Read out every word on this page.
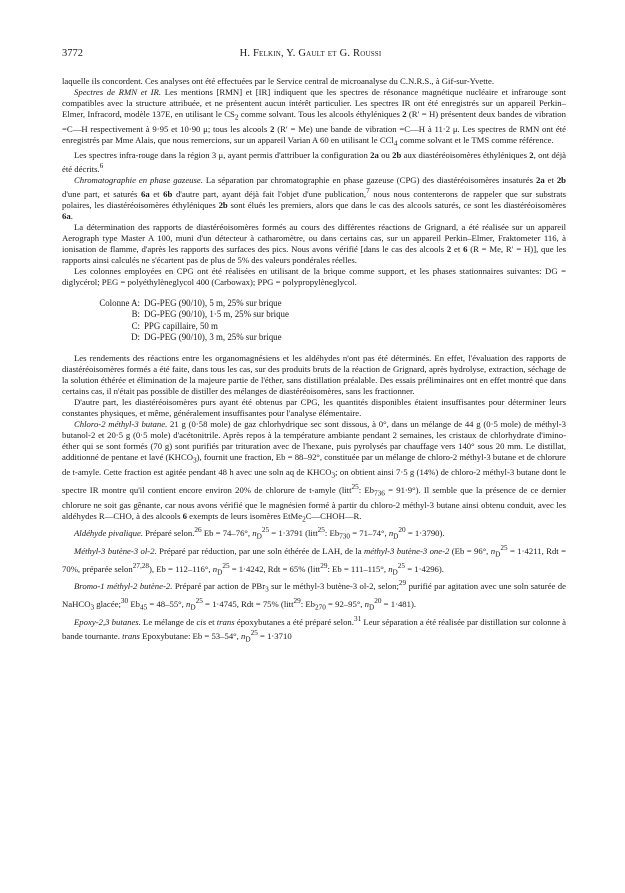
3772	H. Felkin, Y. Gault et G. Roussi

laquelle ils concordent. Ces analyses ont été effectuées par le Service central de microanalyse du C.N.R.S., à Gif-sur-Yvette.

Spectres de RMN et IR. Les mentions [RMN] et [IR] indiquent que les spectres de résonance magnétique nucléaire et infrarouge sont compatibles avec la structure attribuée, et ne présentent aucun intérêt particulier. Les spectres IR ont été enregistrés sur un appareil Perkin–Elmer, Infracord, modèle 137E, en utilisant le $CS_2$ comme solvant. Tous les alcools éthyléniques 2 (R′ = H) présentent deux bandes de vibration =C—H respectivement à 9·95 et 10·90 μ; tous les alcools 2 (R′ = Me) une bande de vibration =C—H à 11·2 μ. Les spectres de RMN ont été enregistrés par Mme Alais, que nous remercions, sur un appareil Varian A 60 en utilisant le CCl$_4$ comme solvant et le TMS comme référence.

Les spectres infra-rouge dans la région 3 μ, ayant permis d'attribuer la configuration 2a ou 2b aux diastéréoisomères éthyléniques 2, ont déjà été décrits.$^6$

Chromatographie en phase gazeuse. La séparation par chromatographie en phase gazeuse (CPG) des diastéréoisomères insaturés 2a et 2b d'une part, et saturés 6a et 6b d'autre part, ayant déjà fait l'objet d'une publication,$^7$ nous nous contenterons de rappeler que sur substrats polaires, les diastéréoisomères éthyléniques 2b sont élués les premiers, alors que dans le cas des alcools saturés, ce sont les diastéréoisomères 6a.

La détermination des rapports de diastéréoisomères formés au cours des différentes réactions de Grignard, a été réalisée sur un appareil Aerograph type Master A 100, muni d'un détecteur à catharomètre, ou dans certains cas, sur un appareil Perkin–Elmer, Fraktometer 116, à ionisation de flamme, d'après les rapports des surfaces des pics. Nous avons vérifié [dans le cas des alcools 2 et 6 (R = Me, R′ = H)], que les rapports ainsi calculés ne s'écartent pas de plus de 5% des valeurs pondérales réelles.

Les colonnes employées en CPG ont été réalisées en utilisant de la brique comme support, et les phases stationnaires suivantes: DG = diglycérol; PEG = polyéthylèneglycol 400 (Carbowax); PPG = polypropylèneglycol.

Colonne A: DG-PEG (90/10), 5 m, 25% sur brique
B: DG-PEG (90/10), 1·5 m, 25% sur brique
C: PPG capillaire, 50 m
D: DG-PEG (90/10), 3 m, 25% sur brique

Les rendements des réactions entre les organomagnésiens et les aldéhydes n'ont pas été déterminés. En effet, l'évaluation des rapports de diastéréoisomères formés a été faite, dans tous les cas, sur des produits bruts de la réaction de Grignard, après hydrolyse, extraction, séchage de la solution éthérée et élimination de la majeure partie de l'éther, sans distillation préalable. Des essais préliminaires ont en effet montré que dans certains cas, il n'était pas possible de distiller des mélanges de diastéréoisomères, sans les fractionner.

D'autre part, les diastéréoisomères purs ayant été obtenus par CPG, les quantités disponibles étaient insuffisantes pour déterminer leurs constantes physiques, et même, généralement insuffisantes pour l'analyse élémentaire.

Chloro-2 méthyl-3 butane. 21 g (0·58 mole) de gaz chlorhydrique sec sont dissous, à 0°, dans un mélange de 44 g (0·5 mole) de méthyl-3 butanol-2 et 20·5 g (0·5 mole) d'acétonitrile. Après repos à la température ambiante pendant 2 semaines, les cristaux de chlorhydrate d'imino-éther qui se sont formés (70 g) sont purifiés par trituration avec de l'hexane, puis pyrolysés par chauffage vers 140° sous 20 mm. Le distillat, additionné de pentane et lavé $(KHCO_3)$, fournit une fraction, Eb = 88–92°, constituée par un mélange de chloro-2 méthyl-3 butane et de chlorure de t-amyle. Cette fraction est agitée pendant 48 h avec une soln aq de $KHCO_3$; on obtient ainsi 7·5 g (14%) de chloro-2 méthyl-3 butane dont le spectre IR montre qu'il contient encore environ 20% de chlorure de t-amyle (litt$^{25}$: $Eb_{736} = 91\cdot 9^\circ$). Il semble que la présence de ce dernier chlorure ne soit gas gênante, car nous avons vérifié que le magnésien formé à partir du chloro-2 méthyl-3 butane ainsi obtenu conduit, avec les aldéhydes R—CHO, à des alcools 6 exempts de leurs isomères EtMe$_2$C—CHOH—R.

Aldéhyde pivalique. Préparé selon.$^{26}$ Eb = 74–76°, $n_D^{25} = 1\cdot 3791$ (litt$^{25}$: $Eb_{730} = 71-74^\circ$, $n_D^{20} = 1\cdot 3790$).

Méthyl-3 butène-3 ol-2. Préparé par réduction, par une soln éthérée de LAH, de la méthyl-3 butène-3 one-2 (Eb = 96°, $n_D^{25} = 1\cdot 4211$, Rdt = 70%, préparée selon$^{27,28}$), Eb = 112–116°, $n_D^{25} = 1\cdot 4242$, Rdt = 65% (litt$^{29}$: Eb = 111–115°, $n_D^{25} = 1\cdot 4296$).

Bromo-1 méthyl-2 butène-2. Préparé par action de PBr$_3$ sur le méthyl-3 butène-3 ol-2, selon;$^{29}$ purifié par agitation avec une soln saturée de NaHCO$_3$ glacée;$^{30}$ $Eb_{45} = 48-55^\circ$, $n_D^{25} = 1\cdot 4745$, Rdt = 75% (litt$^{29}$: $Eb_{270} = 92-95^\circ$, $n_D^{20} = 1\cdot 481$).

Epoxy-2,3 butanes. Le mélange de cis et trans époxybutanes a été préparé selon.$^{31}$ Leur séparation a été réalisée par distillation sur colonne à bande tournante. trans Epoxybutane: Eb = 53–54°, $n_D^{25} = 1\cdot 3710$
